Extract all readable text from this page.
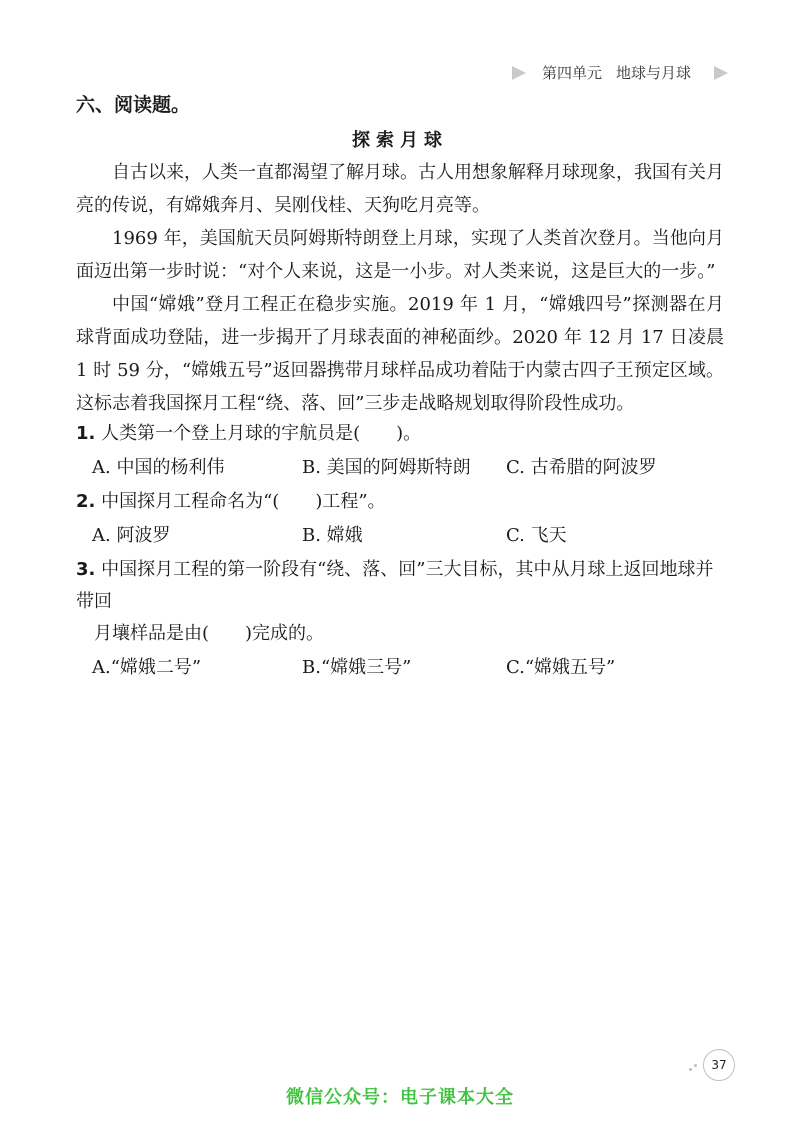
第四单元 地球与月球
六、阅读题。
探索月球

自古以来，人类一直都渴望了解月球。古人用想象解释月球现象，我国有关月亮的传说，有嫦娥奔月、吴刚伐桂、天狗吃月亮等。

1969 年，美国航天员阿姆斯特朗登上月球，实现了人类首次登月。当他向月面迈出第一步时说：“对个人来说，这是一小步。对人类来说，这是巨大的一步。”

中国“嫦娥”登月工程正在稳步实施。2019 年 1 月，“嫦娥四号”探测器在月球背面成功登陆，进一步揭开了月球表面的神秘面纱。2020 年 12 月 17 日凌晨 1 时 59 分，“嫦娥五号”返回器携带月球样品成功着陆于内蒙古四子王预定区域。这标志着我国探月工程“绕、落、回”三步走战略规划取得阶段性成功。

1. 人类第一个登上月球的宇航员是(　　)。
A. 中国的杨利伟	B. 美国的阿姆斯特朗	C. 古希腊的阿波罗
2. 中国探月工程命名为“(　　)工程”。
A. 阿波罗	B. 嫦娥	C. 飞天
3. 中国探月工程的第一阶段有“绕、落、回”三大目标，其中从月球上返回地球并带回
月壤样品是由(　　)完成的。
A.“嫦娥二号”	B.“嫦娥三号”	C.“嫦娥五号”
37
微信公众号：电子课本大全
